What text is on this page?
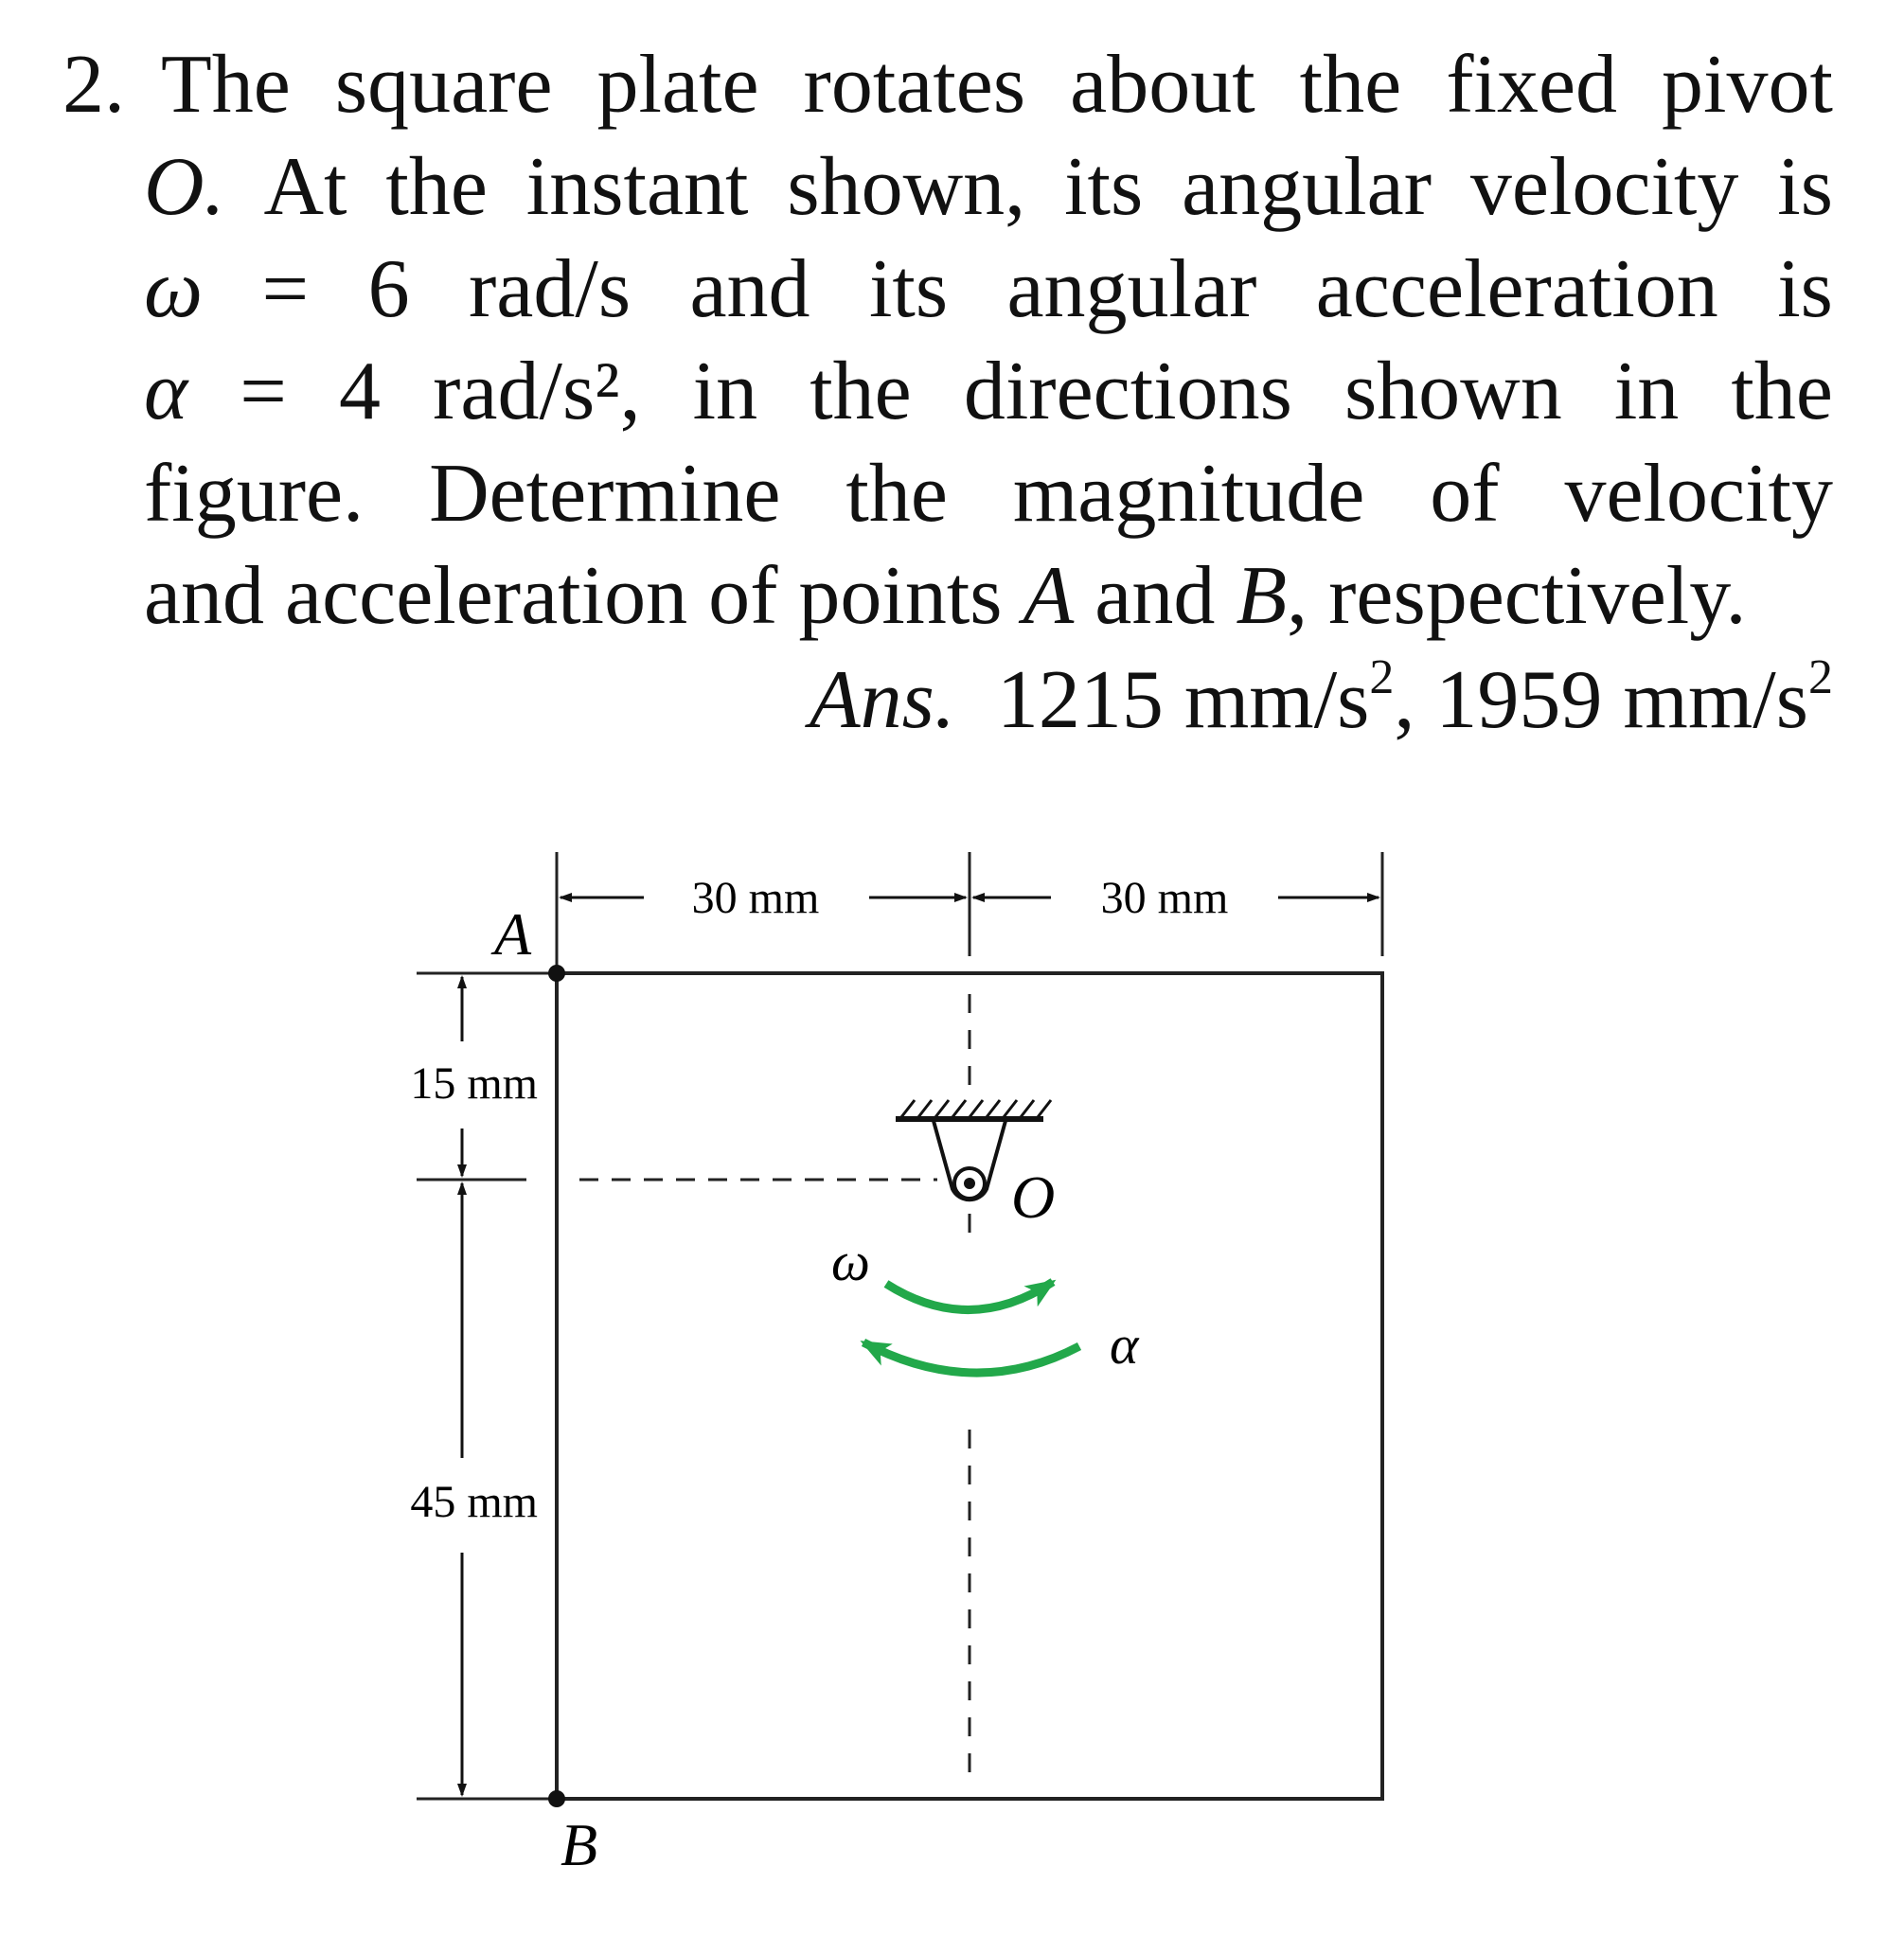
2. The square plate rotates about the fixed pivot
O. At the instant shown, its angular velocity is
ω = 6 rad/s and its angular acceleration is
α = 4 rad/s², in the directions shown in the
figure. Determine the magnitude of velocity
and acceleration of points A and B, respectively.
Ans. 1215 $mm/s^2$, 1959 $mm/s^2$
30 mm	30 mm
15 mm
45 mm
O
A
B
ω
α
